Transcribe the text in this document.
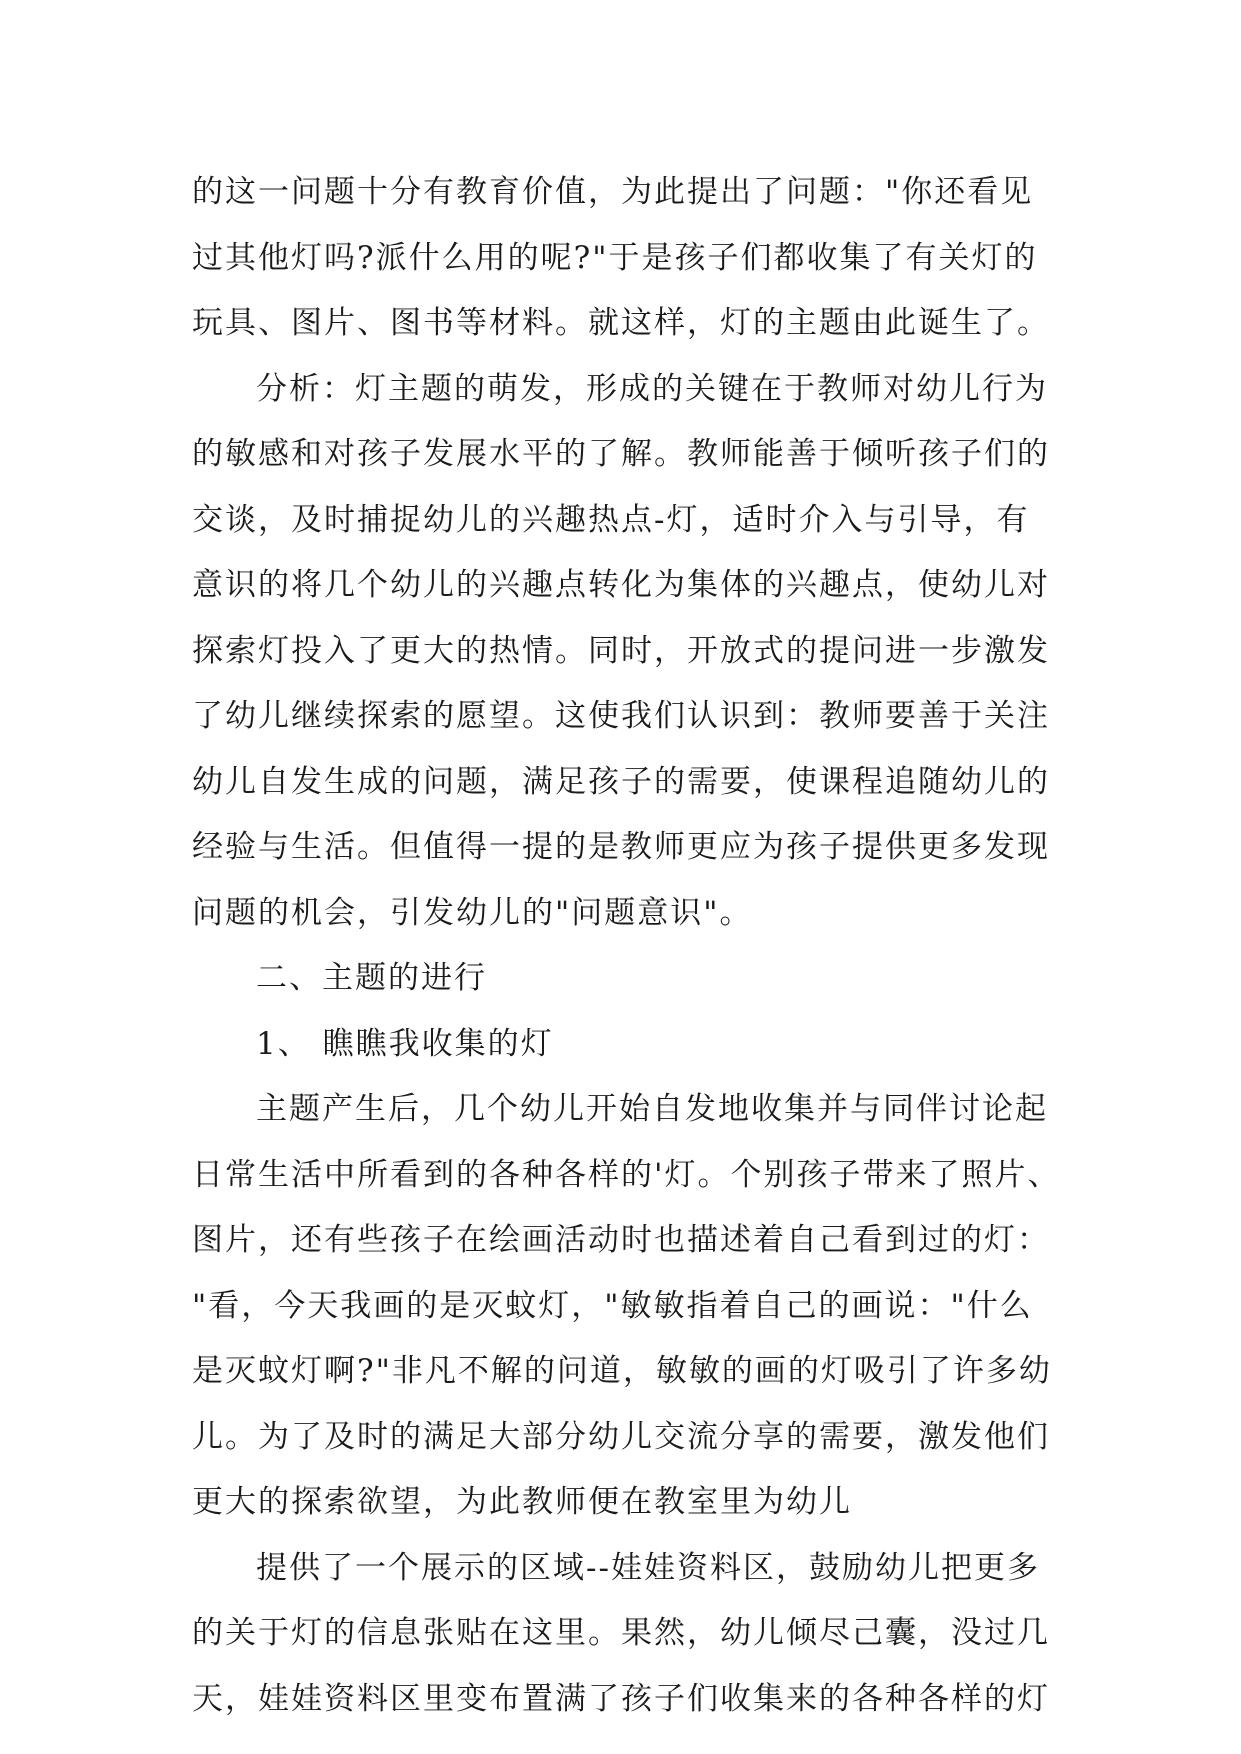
的这一问题十分有教育价值，为此提出了问题："你还看见
过其他灯吗?派什么用的呢?"于是孩子们都收集了有关灯的
玩具、图片、图书等材料。就这样，灯的主题由此诞生了。
分析：灯主题的萌发，形成的关键在于教师对幼儿行为
的敏感和对孩子发展水平的了解。教师能善于倾听孩子们的
交谈，及时捕捉幼儿的兴趣热点-灯，适时介入与引导，有
意识的将几个幼儿的兴趣点转化为集体的兴趣点，使幼儿对
探索灯投入了更大的热情。同时，开放式的提问进一步激发
了幼儿继续探索的愿望。这使我们认识到：教师要善于关注
幼儿自发生成的问题，满足孩子的需要，使课程追随幼儿的
经验与生活。但值得一提的是教师更应为孩子提供更多发现
问题的机会，引发幼儿的"问题意识"。
二、主题的进行
1、 瞧瞧我收集的灯
主题产生后，几个幼儿开始自发地收集并与同伴讨论起
日常生活中所看到的各种各样的'灯。个别孩子带来了照片、
图片，还有些孩子在绘画活动时也描述着自己看到过的灯：
"看，今天我画的是灭蚊灯，"敏敏指着自己的画说："什么
是灭蚊灯啊?"非凡不解的问道，敏敏的画的灯吸引了许多幼
儿。为了及时的满足大部分幼儿交流分享的需要，激发他们
更大的探索欲望，为此教师便在教室里为幼儿
提供了一个展示的区域--娃娃资料区，鼓励幼儿把更多
的关于灯的信息张贴在这里。果然，幼儿倾尽己囊，没过几
天，娃娃资料区里变布置满了孩子们收集来的各种各样的灯
